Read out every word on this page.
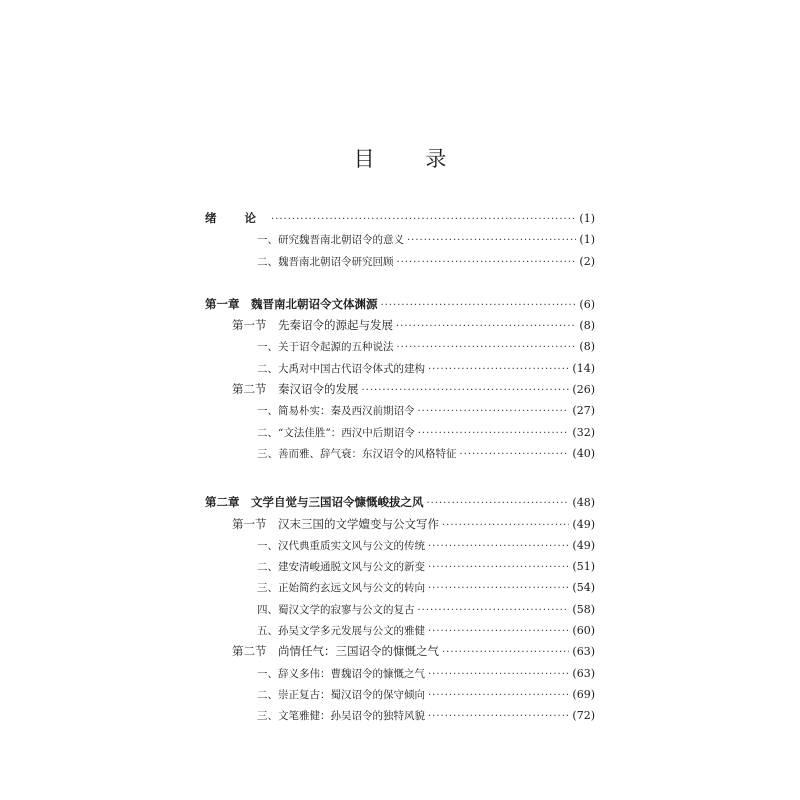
目 录
绪 论 ·····	(1)
一、研究魏晋南北朝诏令的意义 ·····	(1)
二、魏晋南北朝诏令研究回顾 ·····	(2)
第一章　魏晋南北朝诏令文体渊源 ·····	(6)
第一节　先秦诏令的源起与发展 ·····	(8)
一、关于诏令起源的五种说法 ·····	(8)
二、大禹对中国古代诏令体式的建构 ·····	(14)
第二节　秦汉诏令的发展 ·····	(26)
一、简易朴实：秦及西汉前期诏令 ·····	(27)
二、“文法佳胜”：西汉中后期诏令 ·····	(32)
三、善而雅、辞气衰：东汉诏令的风格特征 ·····	(40)
第二章　文学自觉与三国诏令慷慨峻拔之风 ·····	(48)
第一节　汉末三国的文学嬗变与公文写作 ·····	(49)
一、汉代典重质实文风与公文的传统 ·····	(49)
二、建安清峻通脱文风与公文的新变 ·····	(51)
三、正始简约玄远文风与公文的转向 ·····	(54)
四、蜀汉文学的寂寥与公文的复古 ·····	(58)
五、孙吴文学多元发展与公文的雅健 ·····	(60)
第二节　尚情任气：三国诏令的慷慨之气 ·····	(63)
一、辞义多伟：曹魏诏令的慷慨之气 ·····	(63)
二、崇正复古：蜀汉诏令的保守倾向 ·····	(69)
三、文笔雅健：孙吴诏令的独特风貌 ·····	(72)
